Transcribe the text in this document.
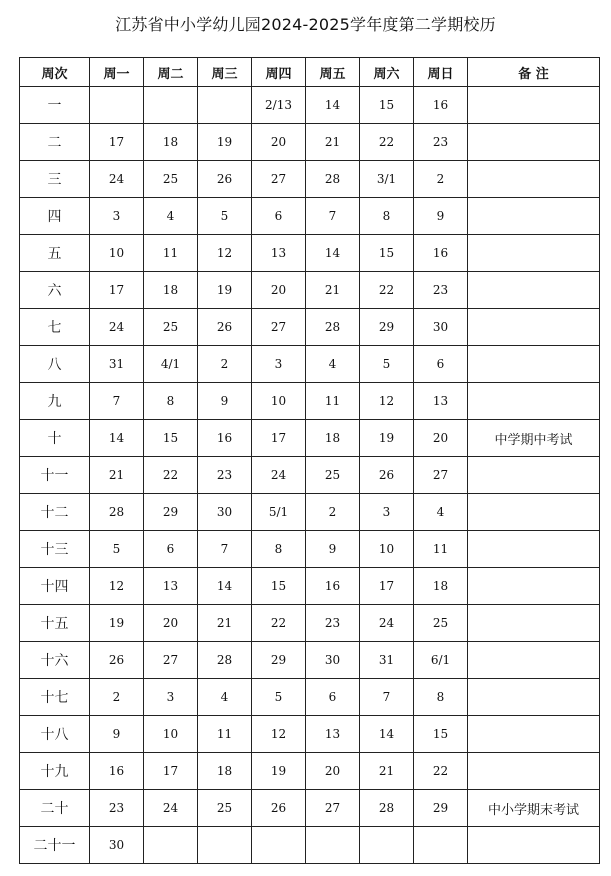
江苏省中小学幼儿园2024-2025学年度第二学期校历
周次	周一	周二	周三	周四	周五	周六	周日	备 注
一				2/13	14	15	16	
二	17	18	19	20	21	22	23	
三	24	25	26	27	28	3/1	2	
四	3	4	5	6	7	8	9	
五	10	11	12	13	14	15	16	
六	17	18	19	20	21	22	23	
七	24	25	26	27	28	29	30	
八	31	4/1	2	3	4	5	6	
九	7	8	9	10	11	12	13	
十	14	15	16	17	18	19	20	中学期中考试
十一	21	22	23	24	25	26	27	
十二	28	29	30	5/1	2	3	4	
十三	5	6	7	8	9	10	11	
十四	12	13	14	15	16	17	18	
十五	19	20	21	22	23	24	25	
十六	26	27	28	29	30	31	6/1	
十七	2	3	4	5	6	7	8	
十八	9	10	11	12	13	14	15	
十九	16	17	18	19	20	21	22	
二十	23	24	25	26	27	28	29	中小学期末考试
二十一	30							
